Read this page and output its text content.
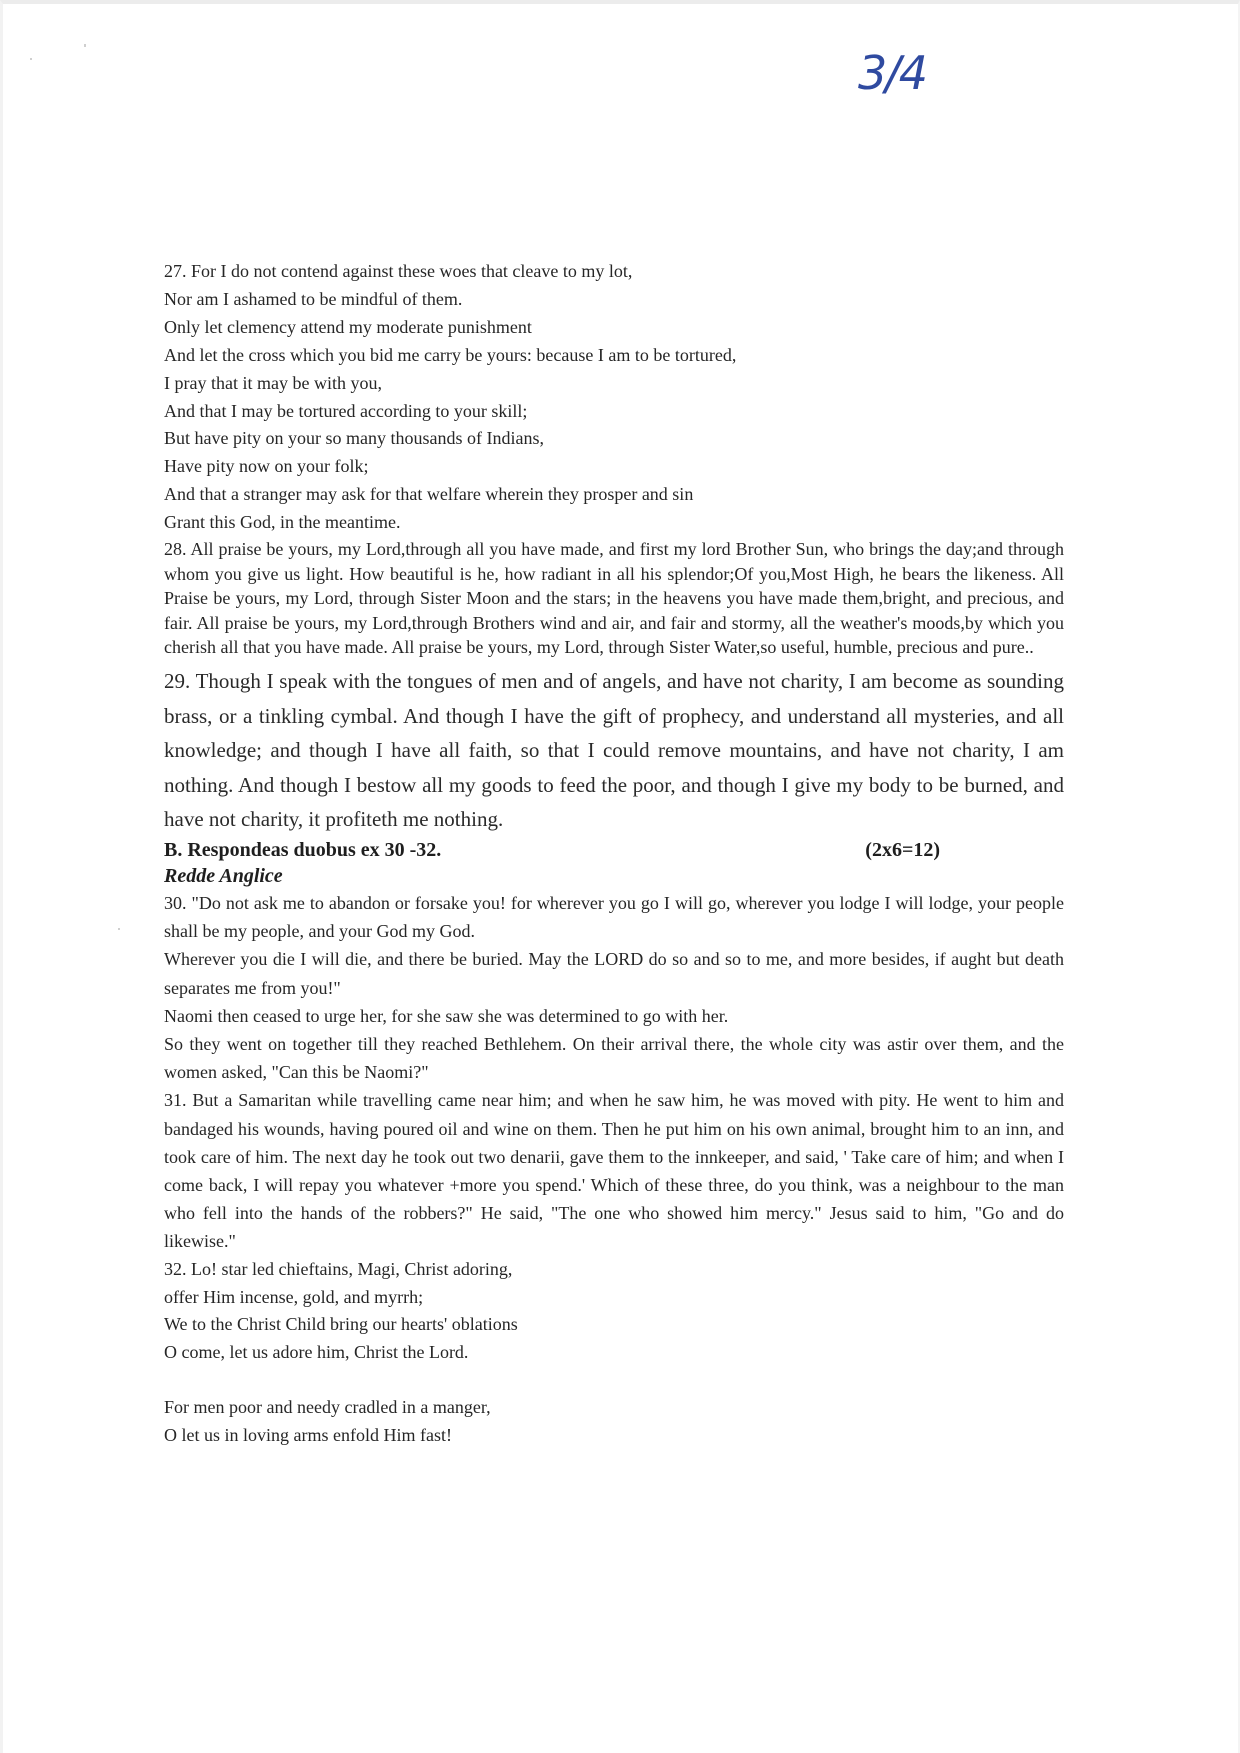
3/4
27. For I do not contend against these woes that cleave to my lot,
Nor am I ashamed to be mindful of them.
Only let clemency attend my moderate punishment
And let the cross which you bid me carry be yours: because I am to be tortured,
I pray that it may be with you,
And that I may be tortured according to your skill;
But have pity on your so many thousands of Indians,
Have pity now on your folk;
And that a stranger may ask for that welfare wherein they prosper and sin
Grant this God, in the meantime.
28. All praise be yours, my Lord,through all you have made, and first my lord Brother Sun, who brings the day;and through whom you give us light. How beautiful is he, how radiant in all his splendor;Of you,Most High, he bears the likeness. All Praise be yours, my Lord, through Sister Moon and the stars; in the heavens you have made them,bright, and precious, and fair. All praise be yours, my Lord,through Brothers wind and air, and fair and stormy, all the weather's moods,by which you cherish all that you have made. All praise be yours, my Lord, through Sister Water,so useful, humble, precious and pure..
29. Though I speak with the tongues of men and of angels, and have not charity, I am become as sounding brass, or a tinkling cymbal. And though I have the gift of prophecy, and understand all mysteries, and all knowledge; and though I have all faith, so that I could remove mountains, and have not charity, I am nothing. And though I bestow all my goods to feed the poor, and though I give my body to be burned, and have not charity, it profiteth me nothing.
B. Respondeas duobus ex 30 -32.	(2x6=12)
Redde Anglice
30. "Do not ask me to abandon or forsake you! for wherever you go I will go, wherever you lodge I will lodge, your people shall be my people, and your God my God.
Wherever you die I will die, and there be buried. May the LORD do so and so to me, and more besides, if aught but death separates me from you!"
Naomi then ceased to urge her, for she saw she was determined to go with her.
So they went on together till they reached Bethlehem. On their arrival there, the whole city was astir over them, and the women asked, "Can this be Naomi?"
31. But a Samaritan while travelling came near him; and when he saw him, he was moved with pity. He went to him and bandaged his wounds, having poured oil and wine on them. Then he put him on his own animal, brought him to an inn, and took care of him. The next day he took out two denarii, gave them to the innkeeper, and said, ' Take care of him; and when I come back, I will repay you whatever +more you spend.' Which of these three, do you think, was a neighbour to the man who fell into the hands of the robbers?" He said, "The one who showed him mercy." Jesus said to him, "Go and do likewise."
32. Lo! star led chieftains, Magi, Christ adoring,
offer Him incense, gold, and myrrh;
We to the Christ Child bring our hearts' oblations
O come, let us adore him, Christ the Lord.
For men poor and needy cradled in a manger,
O let us in loving arms enfold Him fast!
